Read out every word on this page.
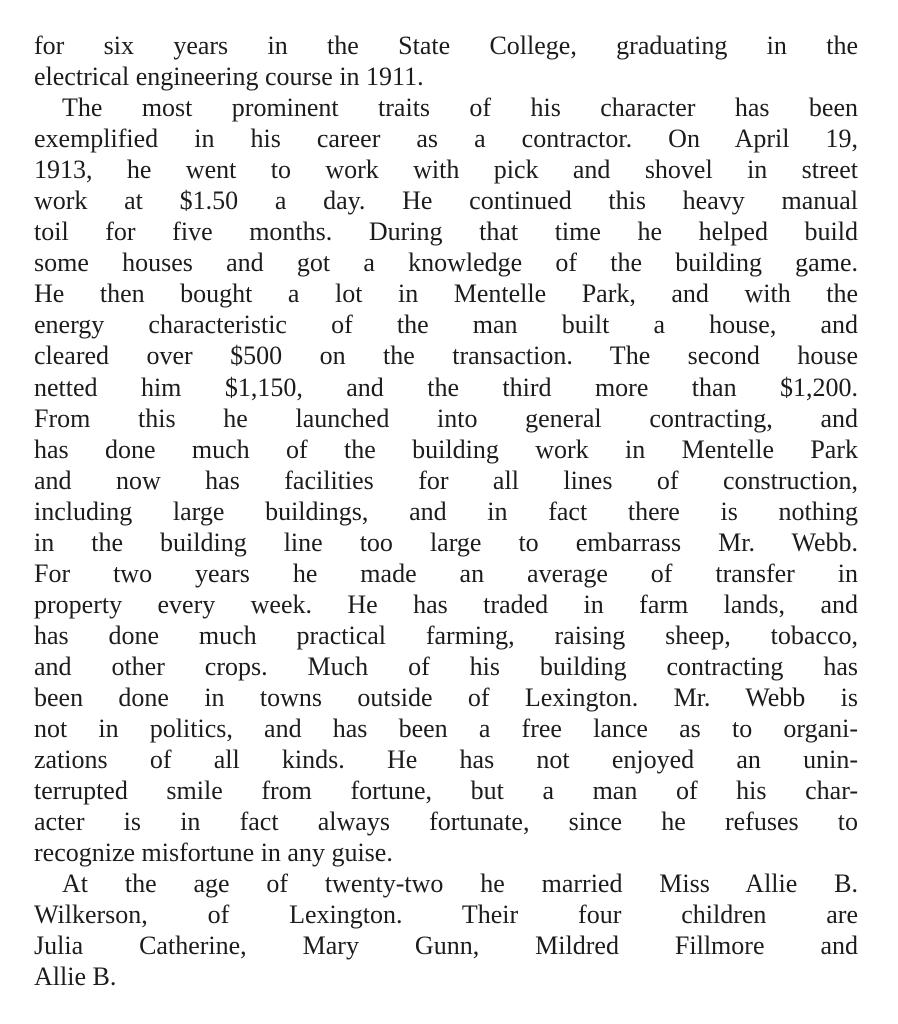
for six years in the State College, graduating in the
electrical engineering course in 1911.
The most prominent traits of his character has been
exemplified in his career as a contractor. On April 19,
1913, he went to work with pick and shovel in street
work at $1.50 a day. He continued this heavy manual
toil for five months. During that time he helped build
some houses and got a knowledge of the building game.
He then bought a lot in Mentelle Park, and with the
energy characteristic of the man built a house, and
cleared over $500 on the transaction. The second house
netted him $1,150, and the third more than $1,200.
From this he launched into general contracting, and
has done much of the building work in Mentelle Park
and now has facilities for all lines of construction,
including large buildings, and in fact there is nothing
in the building line too large to embarrass Mr. Webb.
For two years he made an average of transfer in
property every week. He has traded in farm lands, and
has done much practical farming, raising sheep, tobacco,
and other crops. Much of his building contracting has
been done in towns outside of Lexington. Mr. Webb is
not in politics, and has been a free lance as to organi-
zations of all kinds. He has not enjoyed an unin-
terrupted smile from fortune, but a man of his char-
acter is in fact always fortunate, since he refuses to
recognize misfortune in any guise.
At the age of twenty-two he married Miss Allie B.
Wilkerson, of Lexington. Their four children are
Julia Catherine, Mary Gunn, Mildred Fillmore and
Allie B.
